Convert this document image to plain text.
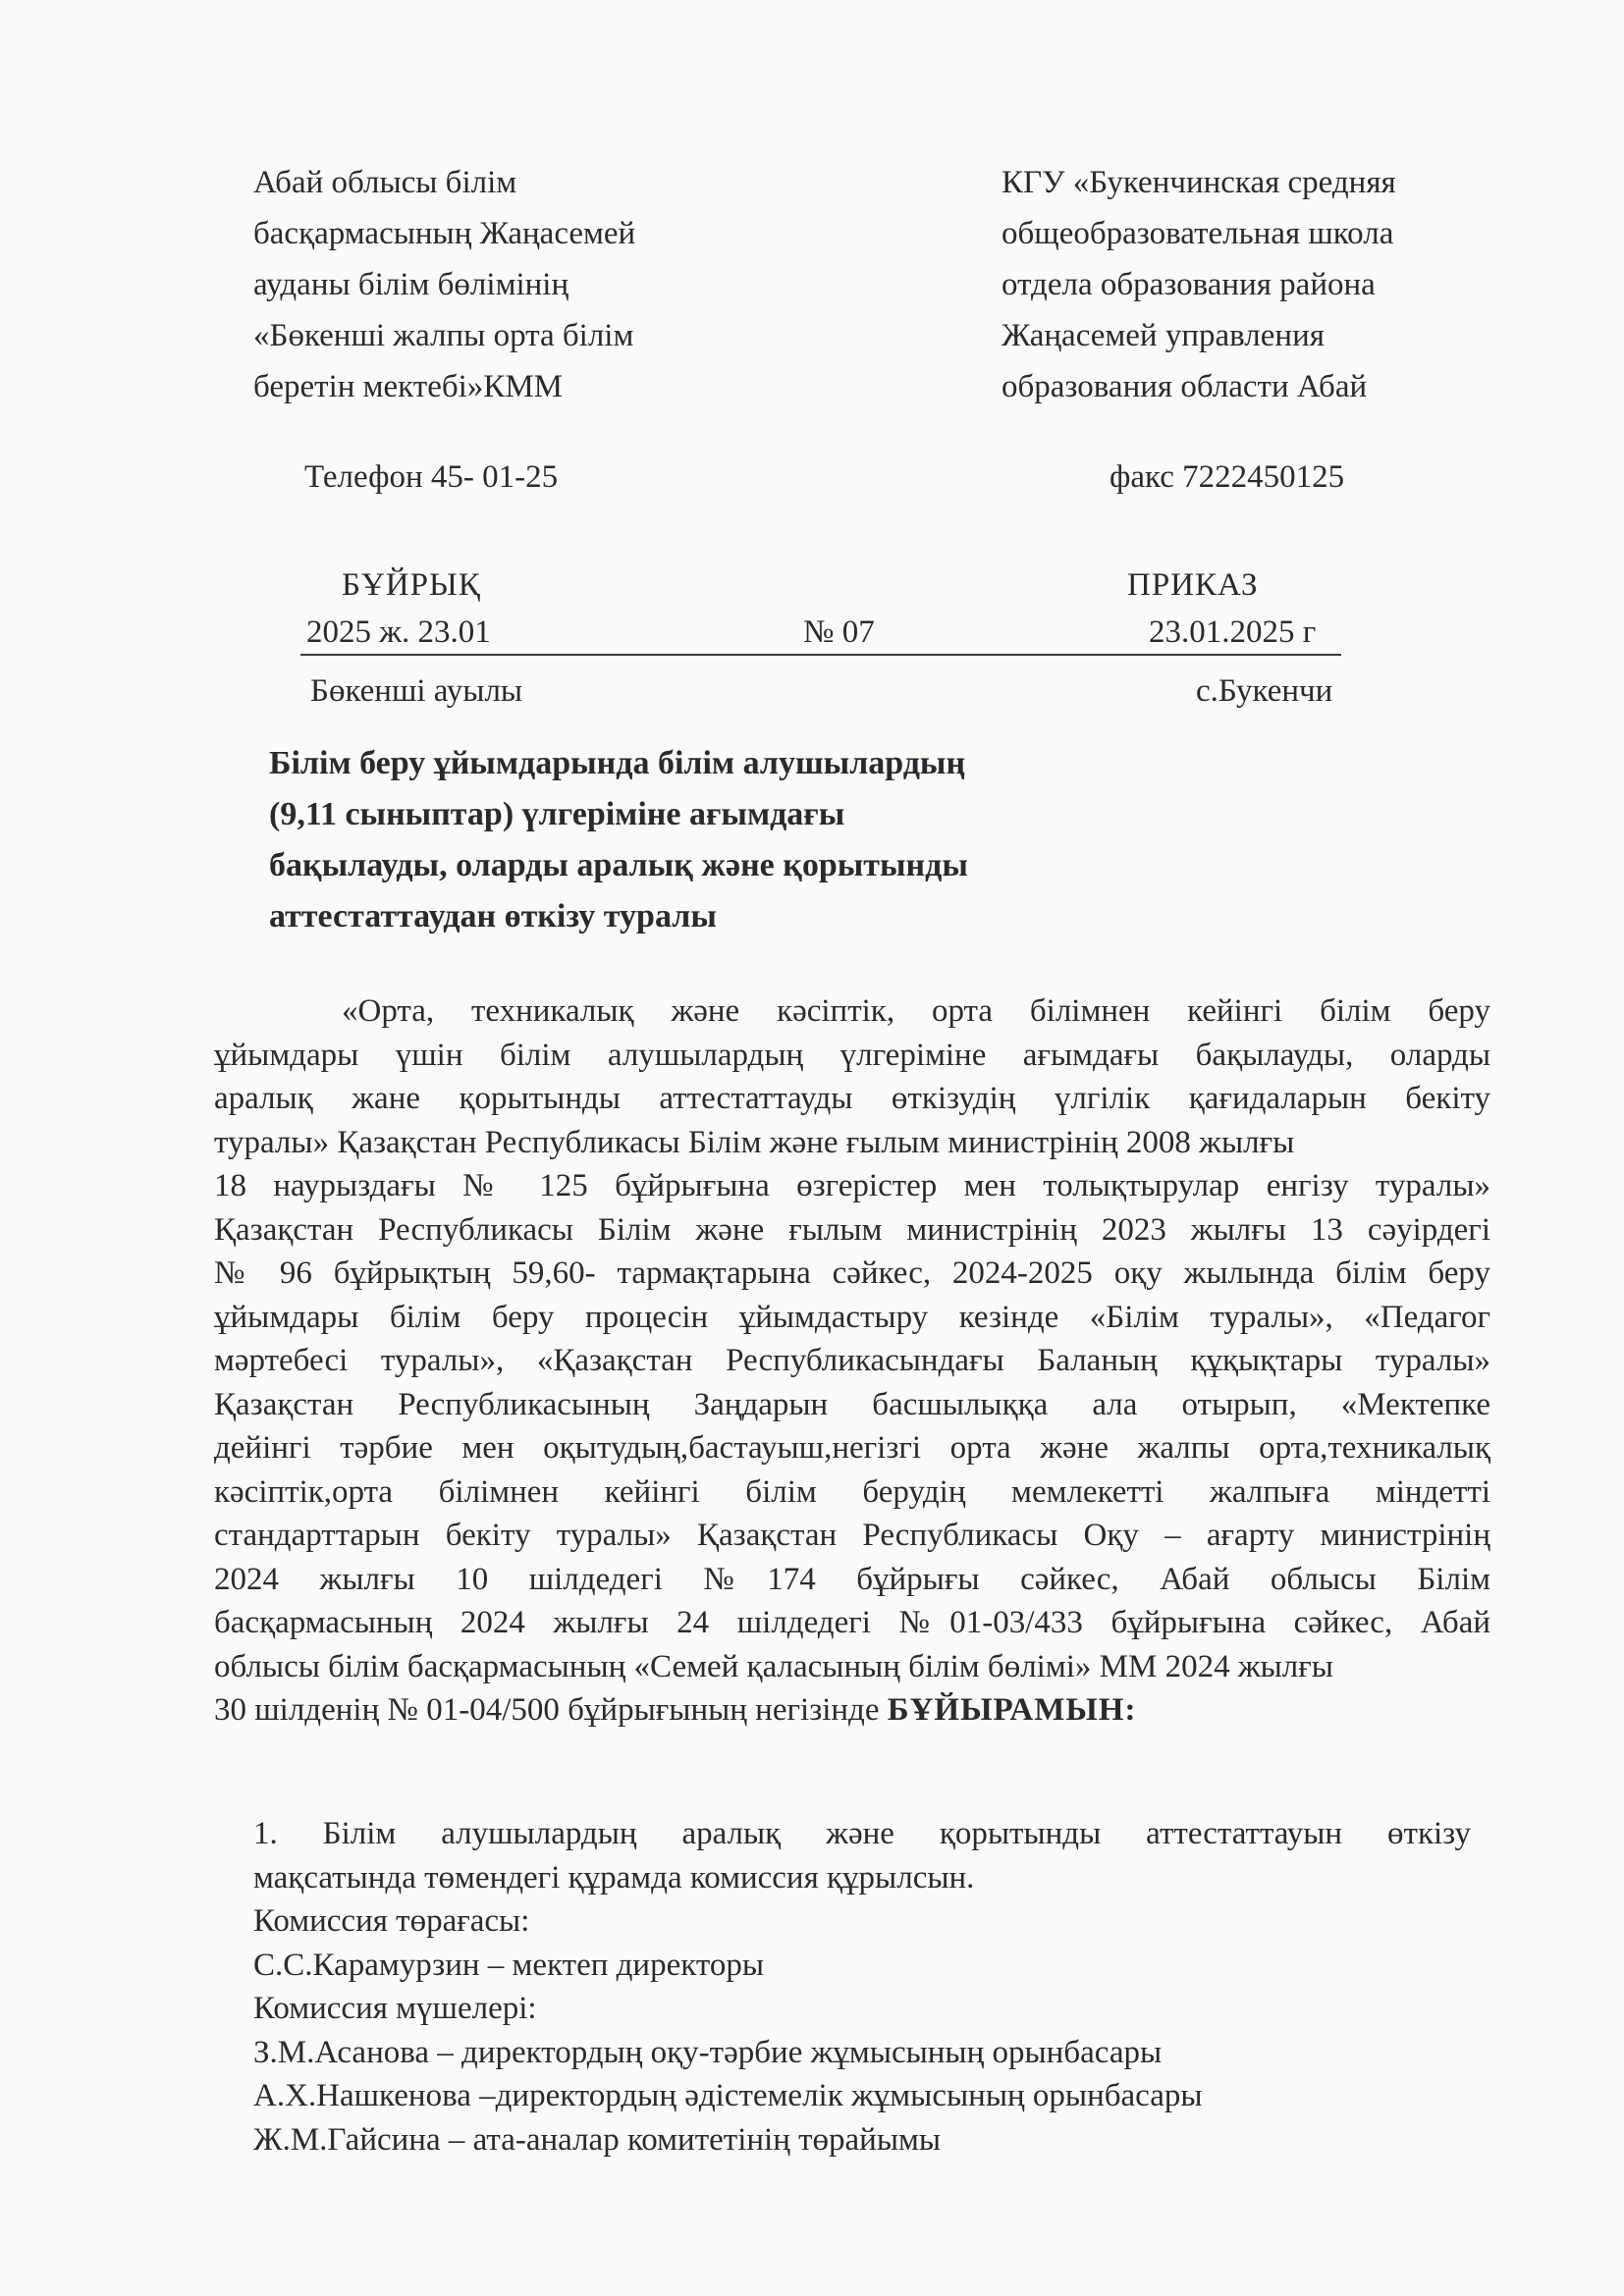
Абай облысы білім
басқармасының Жаңасемей
ауданы білім бөлімінің
«Бөкенші жалпы орта білім
беретін мектебі»КММ
КГУ «Букенчинская средняя
общеобразовательная школа
отдела образования района
Жаңасемей управления
образования области Абай
Телефон 45- 01-25	факс 7222450125
БҰЙРЫҚ	ПРИКАЗ
2025 ж. 23.01	№ 07	23.01.2025 г
Бөкенші ауылы	с.Букенчи
Білім беру ұйымдарында білім алушылардың
(9,11 сыныптар) үлгеріміне ағымдағы
бақылауды, оларды аралық және қорытынды
аттестаттаудан өткізу туралы
«Орта, техникалық және кәсіптік, орта білімнен кейінгі білім беру
ұйымдары үшін білім алушылардың үлгеріміне ағымдағы бақылауды, оларды
аралық жане қорытынды аттестаттауды өткізудің үлгілік қағидаларын бекіту
туралы» Қазақстан Республикасы Білім және ғылым министрінің 2008 жылғы
18 наурыздағы № 125 бұйрығына өзгерістер мен толықтырулар енгізу туралы»
Қазақстан Республикасы Білім және ғылым министрінің 2023 жылғы 13 сәуірдегі
№ 96 бұйрықтың 59,60- тармақтарына сәйкес, 2024-2025 оқу жылында білім беру
ұйымдары білім беру процесін ұйымдастыру кезінде «Білім туралы», «Педагог
мәртебесі туралы», «Қазақстан Республикасындағы Баланың құқықтары туралы»
Қазақстан Республикасының Заңдарын басшылыққа ала отырып, «Мектепке
дейінгі тәрбие мен оқытудың,бастауыш,негізгі орта және жалпы орта,техникалық
кәсіптік,орта білімнен кейінгі білім берудің мемлекетті жалпыға міндетті
стандарттарын бекіту туралы» Қазақстан Республикасы Оқу – ағарту министрінің
2024 жылғы 10 шілдедегі №174 бұйрығы сәйкес, Абай облысы Білім
басқармасының 2024 жылғы 24 шілдедегі №01-03/433 бұйрығына сәйкес, Абай
облысы білім басқармасының «Семей қаласының білім бөлімі» ММ 2024 жылғы
30 шілденің № 01-04/500 бұйрығының негізінде БҰЙЫРАМЫН:
1. Білім алушылардың аралық және қорытынды аттестаттауын өткізу
мақсатында төмендегі құрамда комиссия құрылсын.
Комиссия төрағасы:
С.С.Карамурзин – мектеп директоры
Комиссия мүшелері:
З.М.Асанова – директордың оқу-тәрбие жұмысының орынбасары
А.Х.Нашкенова –директордың әдістемелік жұмысының орынбасары
Ж.М.Гайсина – ата-аналар комитетінің төрайымы
